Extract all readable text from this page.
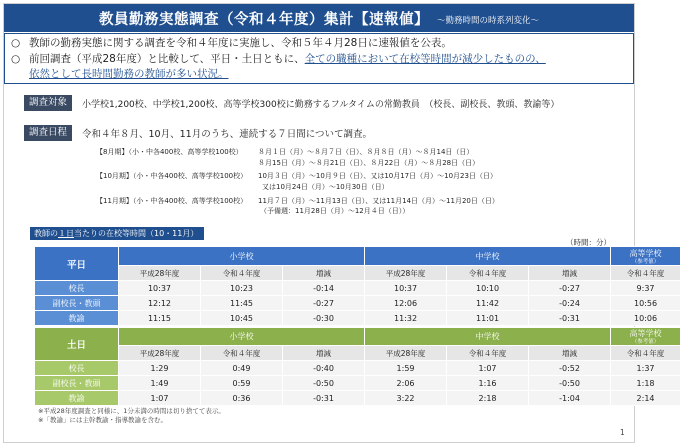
教員勤務実態調査（令和４年度）集計【速報値】 ～勤務時間の時系列変化～
○ 教師の勤務実態に関する調査を令和４年度に実施し、令和５年４月28日に速報値を公表。
○ 前回調査（平成28年度）と比較して、平日・土日ともに、全ての職種において在校等時間が減少したものの、
依然として長時間勤務の教師が多い状況。
調査対象	小学校1,200校、中学校1,200校、高等学校300校に勤務するフルタイムの常勤教員　（校長、副校長、教頭、教諭等）
調査日程	令和４年８月、10月、11月のうち、連続する７日間について調査。
【8月期】（小・中各400校、高等学校100校） ８月１日（月）～８月７日（日）、８月８日（月）～８月14日（日）
８月15日（月）～８月21日（日）、８月22日（月）～８月28日（日）
【10月期】（小・中各400校、高等学校100校） 10月３日（月）～10月９日（日）、又は10月17日（月）～10月23日（日）
又は10月24日（月）～10月30日（日）
【11月期】（小・中各400校、高等学校100校） 11月７日（月）～11月13日（日）、又は11月14日（月）～11月20日（日）
（予備週：11月28日（月）～12月４日（日））
教師の１日当たりの在校等時間（10・11月）
（時間：分）
平日	小学校			中学校			高等学校
（参考値）

	平成28年度	令和４年度	増減	平成28年度	令和４年度	増減	令和４年度
校長	10:37	10:23	-0:14	10:37	10:10	-0:27	9:37
副校長・教頭	12:12	11:45	-0:27	12:06	11:42	-0:24	10:56
教諭	11:15	10:45	-0:30	11:32	11:01	-0:31	10:06
土日	小学校			中学校			高等学校
（参考値）

	平成28年度	令和４年度	増減	平成28年度	令和４年度	増減	令和４年度
校長	1:29	0:49	-0:40	1:59	1:07	-0:52	1:37
副校長・教頭	1:49	0:59	-0:50	2:06	1:16	-0:50	1:18
教諭	1:07	0:36	-0:31	3:22	2:18	-1:04	2:14
※平成28年度調査と同様に、1分未満の時間は切り捨てて表示。
※「教諭」には主幹教諭・指導教諭を含む。
1
